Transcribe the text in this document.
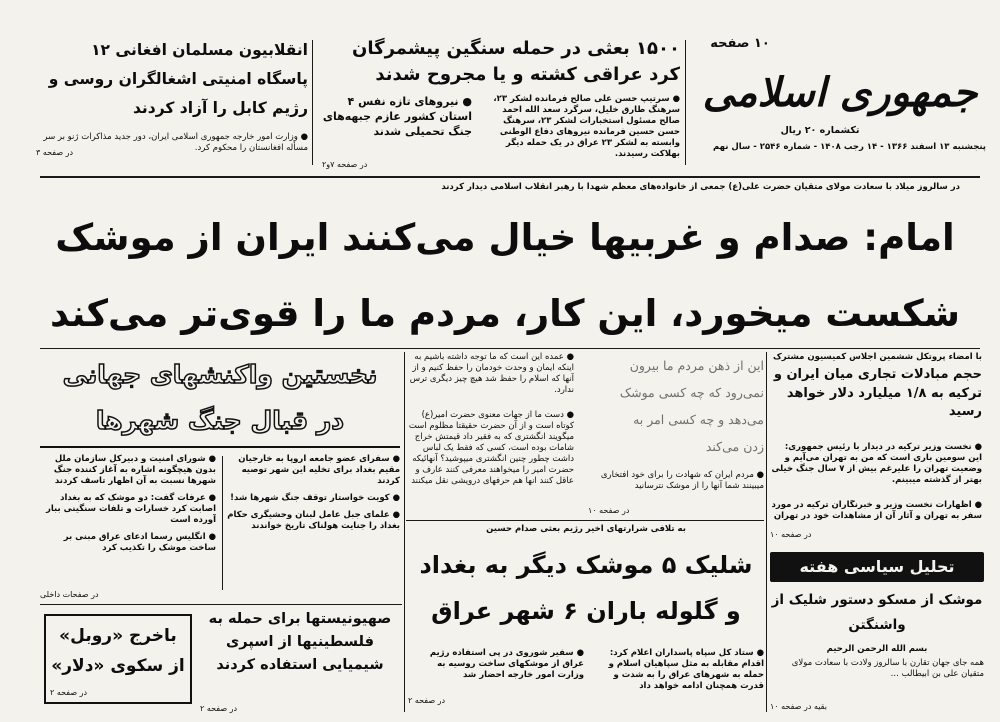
۱۰ صفحه
جمهوری اسلامی
تکشماره ۲۰ ریال
پنجشنبه ۱۳ اسفند ۱۳۶۶ - ۱۴ رجب ۱۴۰۸ - شماره ۲۵۴۶ - سال نهم
۱۵۰۰ بعثی در حمله سنگین پیشمرگان
کرد عراقی کشته و یا مجروح شدند
● سرتیپ حسن علی صالح فرمانده لشکر ۲۳، سرهنگ طارق خلیل، سرگرد سعد الله احمد صالح مسئول استخبارات لشکر ۲۳، سرهنگ حسن حسین فرمانده نیروهای دفاع الوطنی وابسته به لشکر ۲۳ عراق در یک حمله دیگر بهلاکت رسیدند.
● نیروهای تازه نفس ۴ استان کشور عازم جبهه‌های جنگ تحمیلی شدند
در صفحه ۷و۲
انقلابیون مسلمان افغانی ۱۲ پاسگاه امنیتی اشغالگران روسی و رژیم کابل را آزاد کردند
● وزارت امور خارجه جمهوری اسلامی ایران، دور جدید مذاکرات ژنو بر سر مسأله افغانستان را محکوم کرد.
در صفحه ۳
در سالروز میلاد با سعادت مولای متقیان حضرت علی(ع) جمعی از خانواده‌های معظم شهدا با رهبر انقلاب اسلامی دیدار کردند
امام: صدام و غربیها خیال می‌کنند ایران از موشک
شکست میخورد، این کار، مردم ما را قوی‌تر می‌کند
با امضاء پروتکل ششمین اجلاس کمیسیون مشترک
حجم مبادلات تجاری میان ایران و ترکیه به ۱/۸ میلیارد دلار خواهد رسید
● نخست وزیر ترکیه در دیدار با رئیس جمهوری: این سومین باری است که من به تهران می‌آیم و وضعیت تهران را علیرغم بیش از ۷ سال جنگ خیلی بهتر از گذشته میبینم.
● اظهارات نخست وزیر و خبرنگاران ترکیه در مورد سفر به تهران و آثار آن از مشاهدات خود در تهران
در صفحه ۱۰
این از ذهن مردم ما بیرون
نمی‌رود که چه کسی موشک
می‌دهد و چه کسی امر به
زدن می‌کند
● عمده این است که ما توجه داشته باشیم به اینکه ایمان و وحدت خودمان را حفظ کنیم و از آنها که اسلام را حفظ شد هیچ چیز دیگری ترس ندارد.
● دست ما از جهات معنوی حضرت امیر(ع) کوتاه است و از آن حضرت حقیقتا مظلوم است میگویند انگشتری که به فقیر داد قیمتش خراج شامات بوده است، کسی که فقط یک لباس داشت چطور چنین انگشتری میپوشید؟ آنهائیکه حضرت امیر را میخواهند معرفی کنند عارف و عاقل کنند انها هم حرفهای درویشی نقل میکنند
● مردم ایران که شهادت را برای خود افتخاری میبینند شما آنها را از موشک نترسانید
در صفحه ۱۰
نخستین واکنشهای جهانی در قبال جنگ شهرها
● سفرای عضو جامعه اروپا به خارجیان مقیم بغداد برای تخلیه این شهر توصیه کردند
● کویت خواستار توقف جنگ شهرها شد!
● علمای جبل عامل لبنان وحشیگری حکام بغداد را جنایت هولناک تاریخ خواندند
● شورای امنیت و دبیرکل سازمان ملل بدون هیچگونه اشاره به آغاز کننده جنگ شهرها نسبت به آن اظهار تاسف کردند
● عرفات گفت: دو موشک که به بغداد اصابت کرد خسارات و تلفات سنگینی ببار آورده است
● انگلیس رسما ادعای عراق مبنی بر ساخت موشک را تکذیب کرد
در صفحات داخلی
به تلافی شرارتهای اخیر رژیم بعثی صدام حسین
شلیک ۵ موشک دیگر به بغداد
و گلوله باران ۶ شهر عراق
● ستاد کل سپاه پاسداران اعلام کرد: اقدام مقابله به مثل سپاهیان اسلام و حمله به شهرهای عراق را به شدت و قدرت همچنان ادامه خواهد داد
● سفیر شوروی در پی استفاده رژیم عراق از موشکهای ساخت روسیه به وزارت امور خارجه احضار شد
در صفحه ۲
تحلیل سیاسی هفته
موشک از مسکو دستور شلیک از واشنگتن
بسم الله الرحمن الرحیم
همه جای جهان تقارن با سالروز ولادت با سعادت مولای متقیان علی بن ابیطالب ...
بقیه در صفحه ۱۰
صهیونیستها برای حمله به فلسطینیها از اسپری شیمیایی استفاده کردند
در صفحه ۲
باخرج «روبل»
از سکوی «دلار»
در صفحه ۲
